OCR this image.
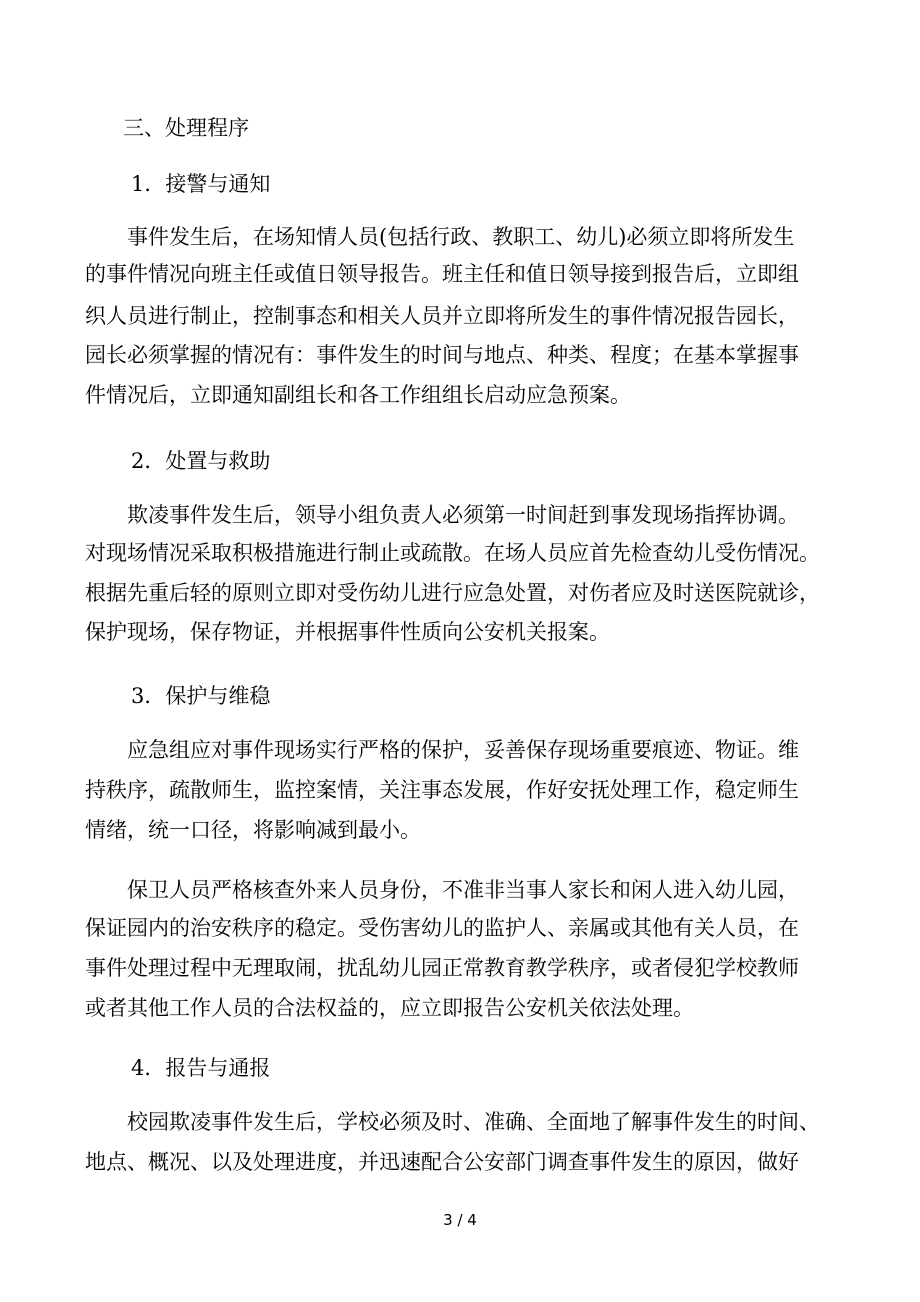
三、处理程序
1．接警与通知
事件发生后，在场知情人员(包括行政、教职工、幼儿)必须立即将所发生
的事件情况向班主任或值日领导报告。班主任和值日领导接到报告后，立即组
织人员进行制止，控制事态和相关人员并立即将所发生的事件情况报告园长，
园长必须掌握的情况有：事件发生的时间与地点、种类、程度；在基本掌握事
件情况后，立即通知副组长和各工作组组长启动应急预案。
2．处置与救助
欺凌事件发生后，领导小组负责人必须第一时间赶到事发现场指挥协调。
对现场情况采取积极措施进行制止或疏散。在场人员应首先检查幼儿受伤情况。
根据先重后轻的原则立即对受伤幼儿进行应急处置，对伤者应及时送医院就诊，
保护现场，保存物证，并根据事件性质向公安机关报案。
3．保护与维稳
应急组应对事件现场实行严格的保护，妥善保存现场重要痕迹、物证。维
持秩序，疏散师生，监控案情，关注事态发展，作好安抚处理工作，稳定师生
情绪，统一口径，将影响减到最小。
保卫人员严格核查外来人员身份，不准非当事人家长和闲人进入幼儿园，
保证园内的治安秩序的稳定。受伤害幼儿的监护人、亲属或其他有关人员，在
事件处理过程中无理取闹，扰乱幼儿园正常教育教学秩序，或者侵犯学校教师
或者其他工作人员的合法权益的，应立即报告公安机关依法处理。
4．报告与通报
校园欺凌事件发生后，学校必须及时、准确、全面地了解事件发生的时间、
地点、概况、以及处理进度，并迅速配合公安部门调查事件发生的原因，做好
3 / 4
